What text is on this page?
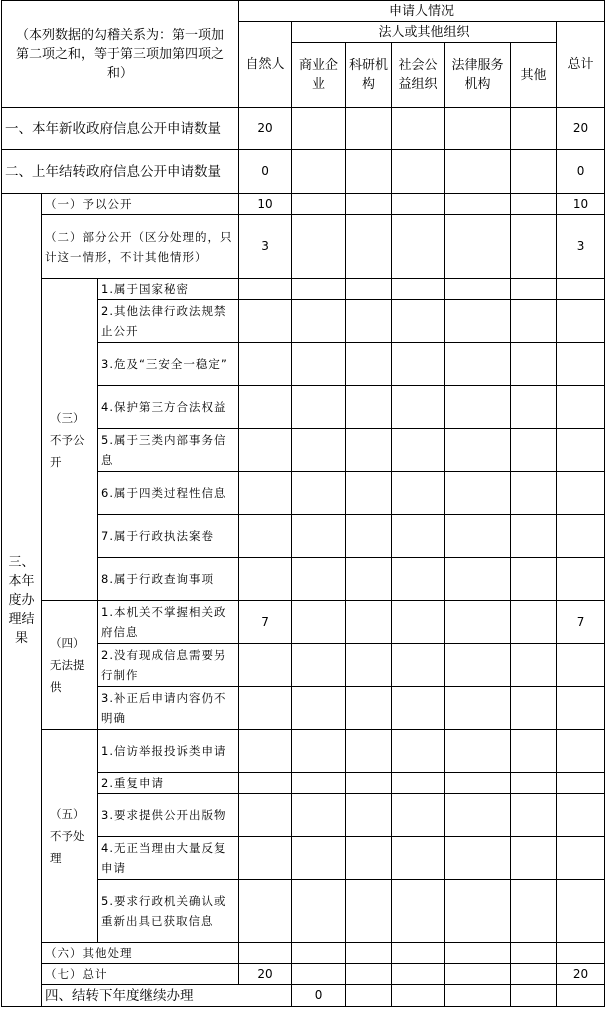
（本列数据的勾稽关系为：第一项加第二项之和，等于第三项加第四项之和）			申请人情况							
			自然人	法人或其他组织					总计	
				商业企业	科研机构	社会公益组织	法律服务机构	其他		
一、本年新收政府信息公开申请数量			20						20	
二、上年结转政府信息公开申请数量			0						0	
三、本年度办理结果	（一）予以公开		10						10	
	（二）部分公开（区分处理的，只计这一情形，不计其他情形）		3						3	
	（三）不予公开	1.属于国家秘密								
		2.其他法律行政法规禁止公开								
		3.危及“三安全一稳定”								
		4.保护第三方合法权益								
		5.属于三类内部事务信息								
		6.属于四类过程性信息								
		7.属于行政执法案卷								
		8.属于行政查询事项								
	（四）无法提供	1.本机关不掌握相关政府信息	7						7	
		2.没有现成信息需要另行制作								
		3.补正后申请内容仍不明确								
	（五）不予处理	1.信访举报投诉类申请								
		2.重复申请								
		3.要求提供公开出版物								
		4.无正当理由大量反复申请								
		5.要求行政机关确认或重新出具已获取信息								
	（六）其他处理									
	（七）总计		20						20	
	四、结转下年度继续办理			0						
